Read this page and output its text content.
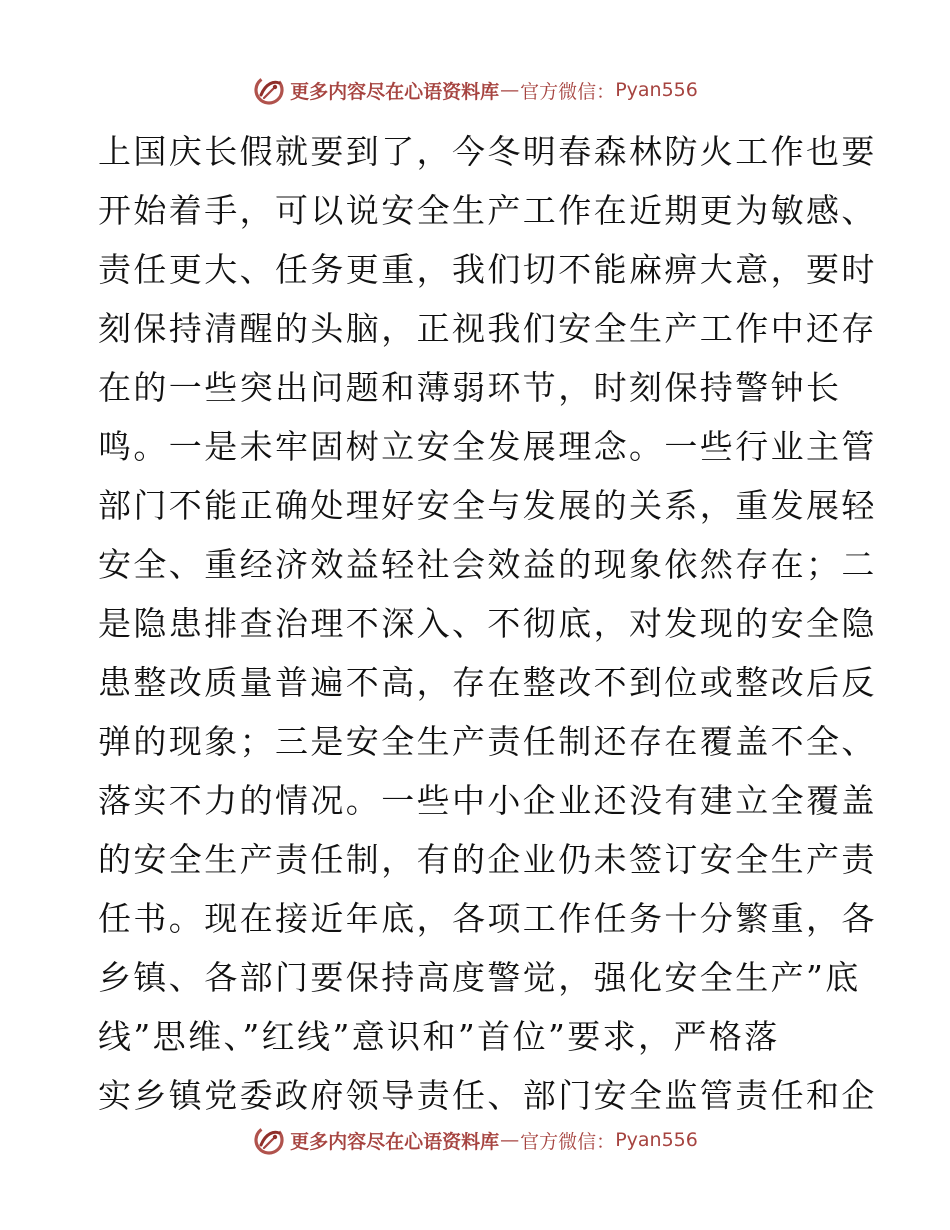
更多内容尽在心语资料库 — 官方微信： Pyan556
上国庆长假就要到了，今冬明春森林防火工作也要
开始着手，可以说安全生产工作在近期更为敏感、
责任更大、任务更重，我们切不能麻痹大意，要时
刻保持清醒的头脑，正视我们安全生产工作中还存
在的一些突出问题和薄弱环节，时刻保持警钟长
鸣。一是未牢固树立安全发展理念。一些行业主管
部门不能正确处理好安全与发展的关系，重发展轻
安全、重经济效益轻社会效益的现象依然存在；二
是隐患排查治理不深入、不彻底，对发现的安全隐
患整改质量普遍不高，存在整改不到位或整改后反
弹的现象；三是安全生产责任制还存在覆盖不全、
落实不力的情况。一些中小企业还没有建立全覆盖
的安全生产责任制，有的企业仍未签订安全生产责
任书。现在接近年底，各项工作任务十分繁重，各
乡镇、各部门要保持高度警觉，强化安全生产”底
线”思维、”红线”意识和”首位”要求，严格落
实乡镇党委政府领导责任、部门安全监管责任和企
更多内容尽在心语资料库 — 官方微信： Pyan556
